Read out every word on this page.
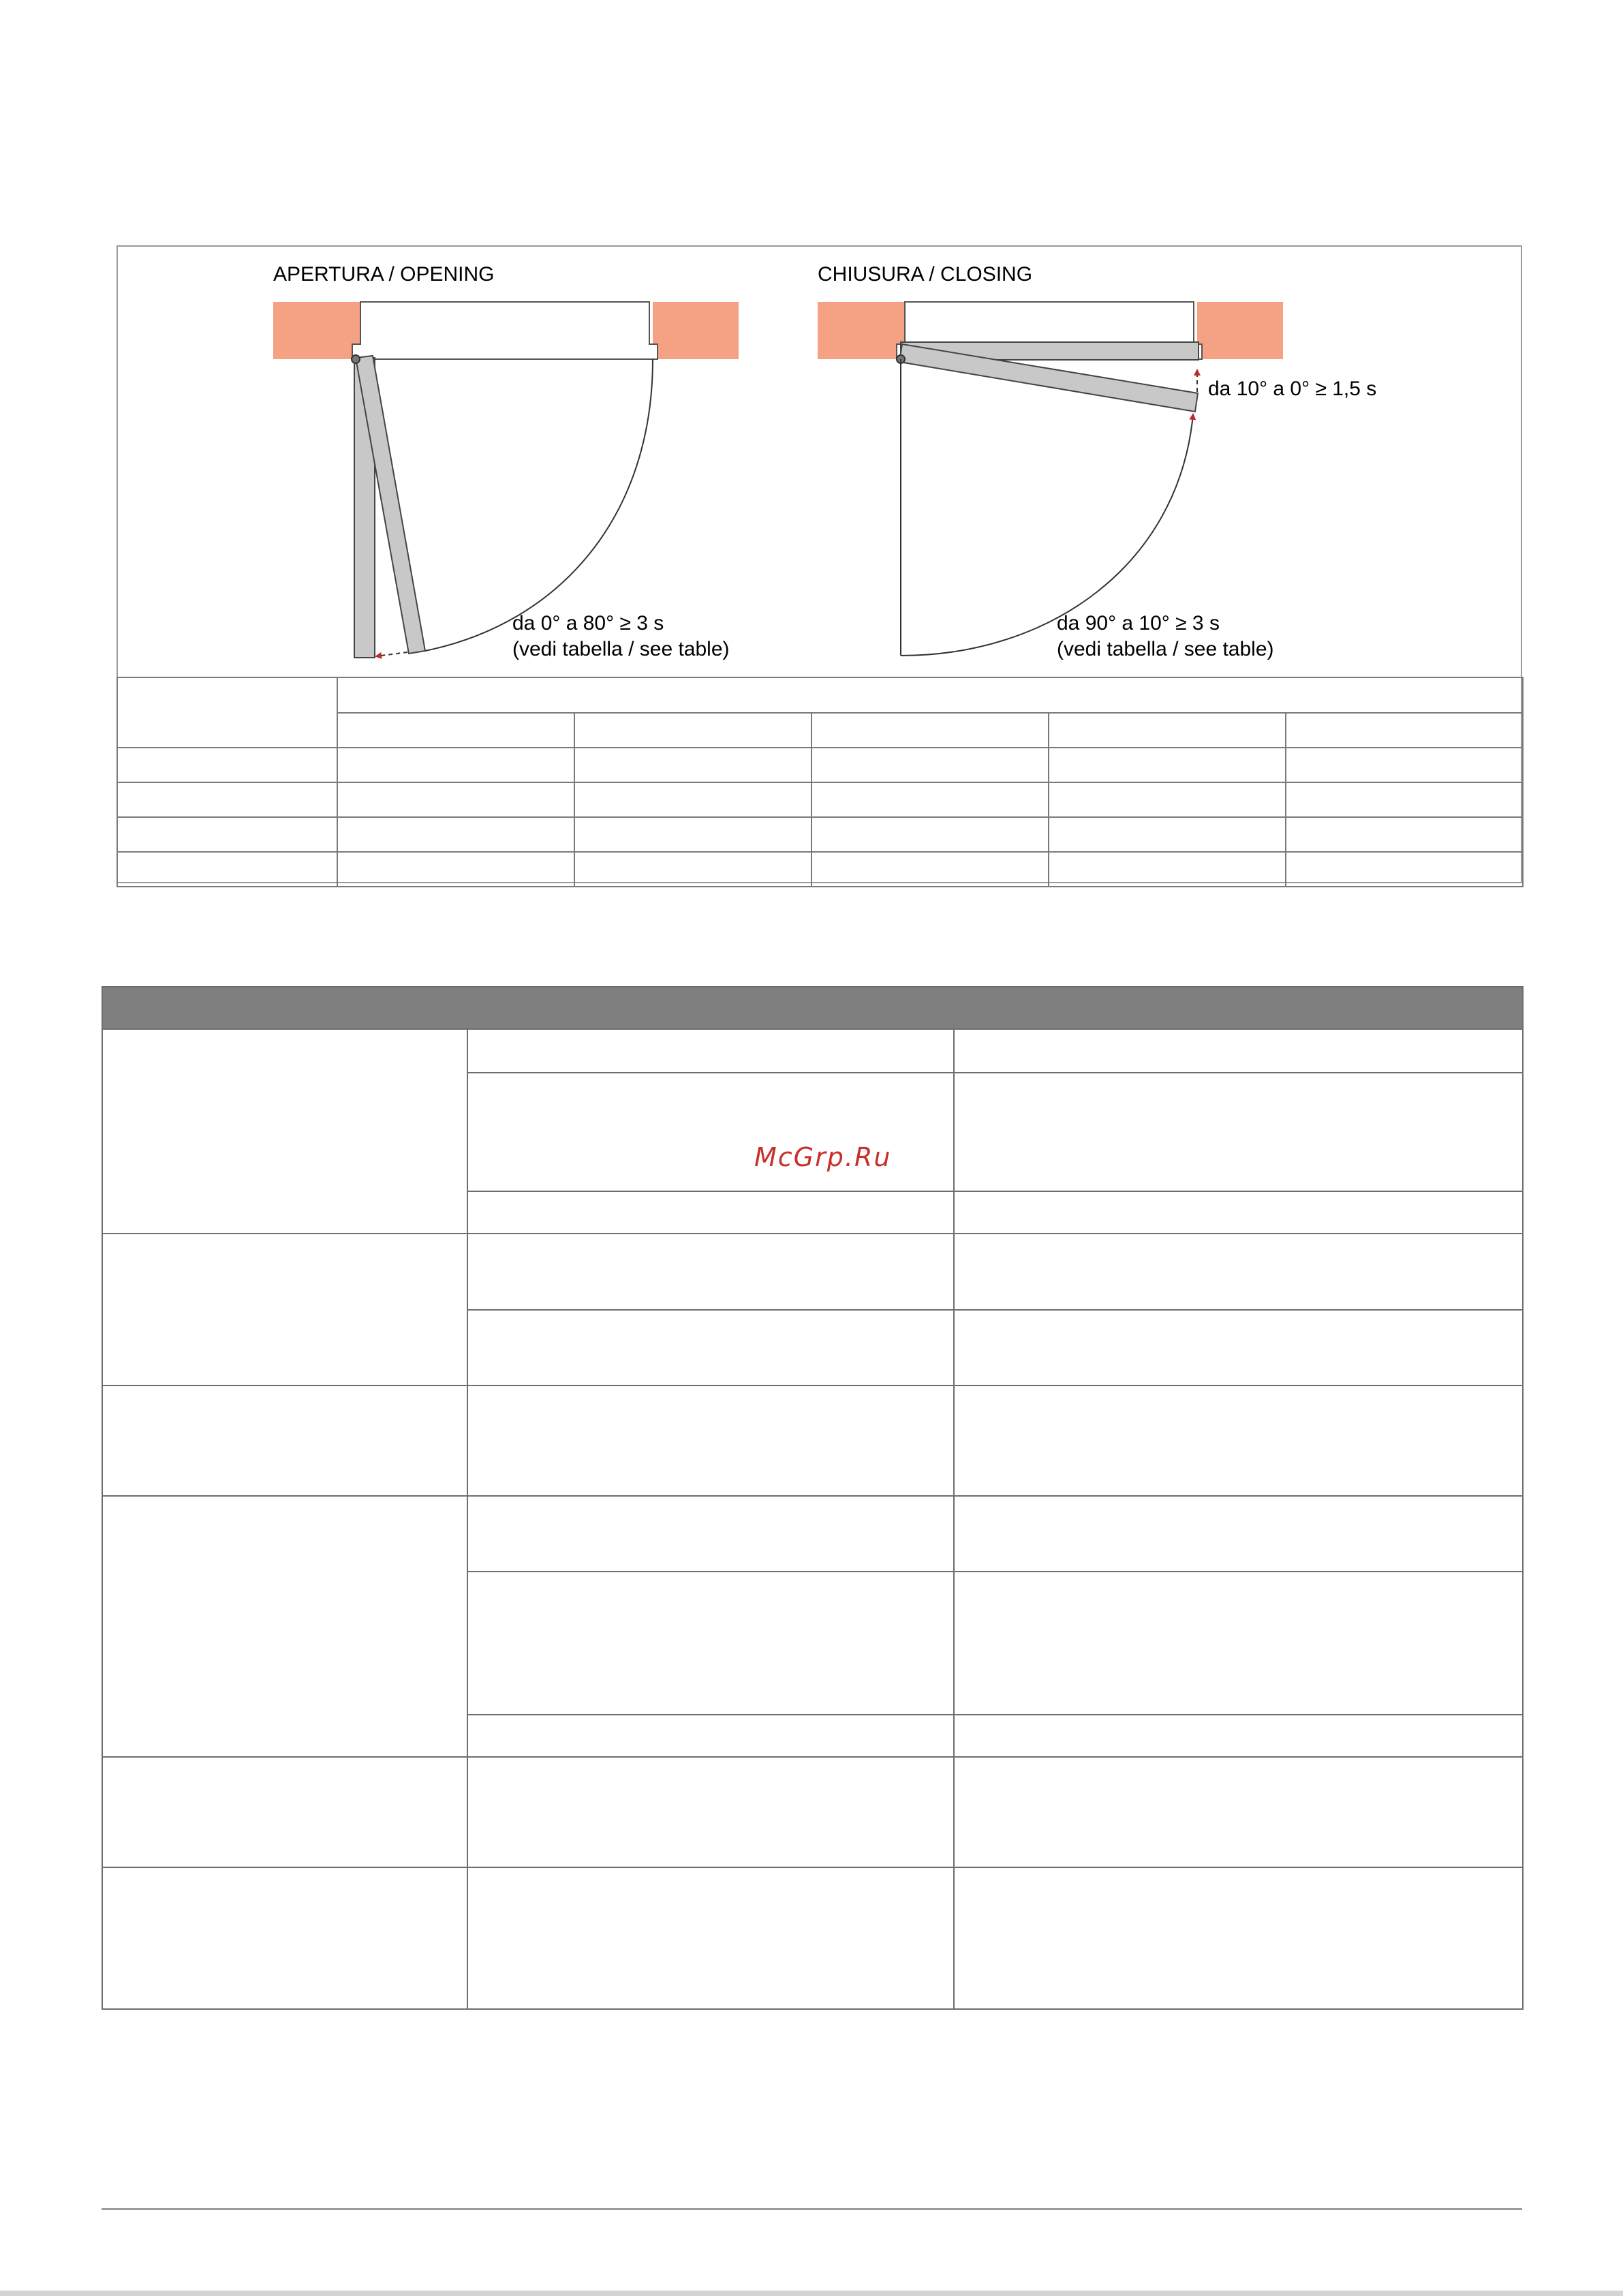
APERTURA / OPENING
da 0° a 80° ≥ 3 s
(vedi tabella / see table)
CHIUSURA / CLOSING
da 10° a 0° ≥ 1,5 s
da 90° a 10° ≥ 3 s
(vedi tabella / see table)

McGrp.Ru
